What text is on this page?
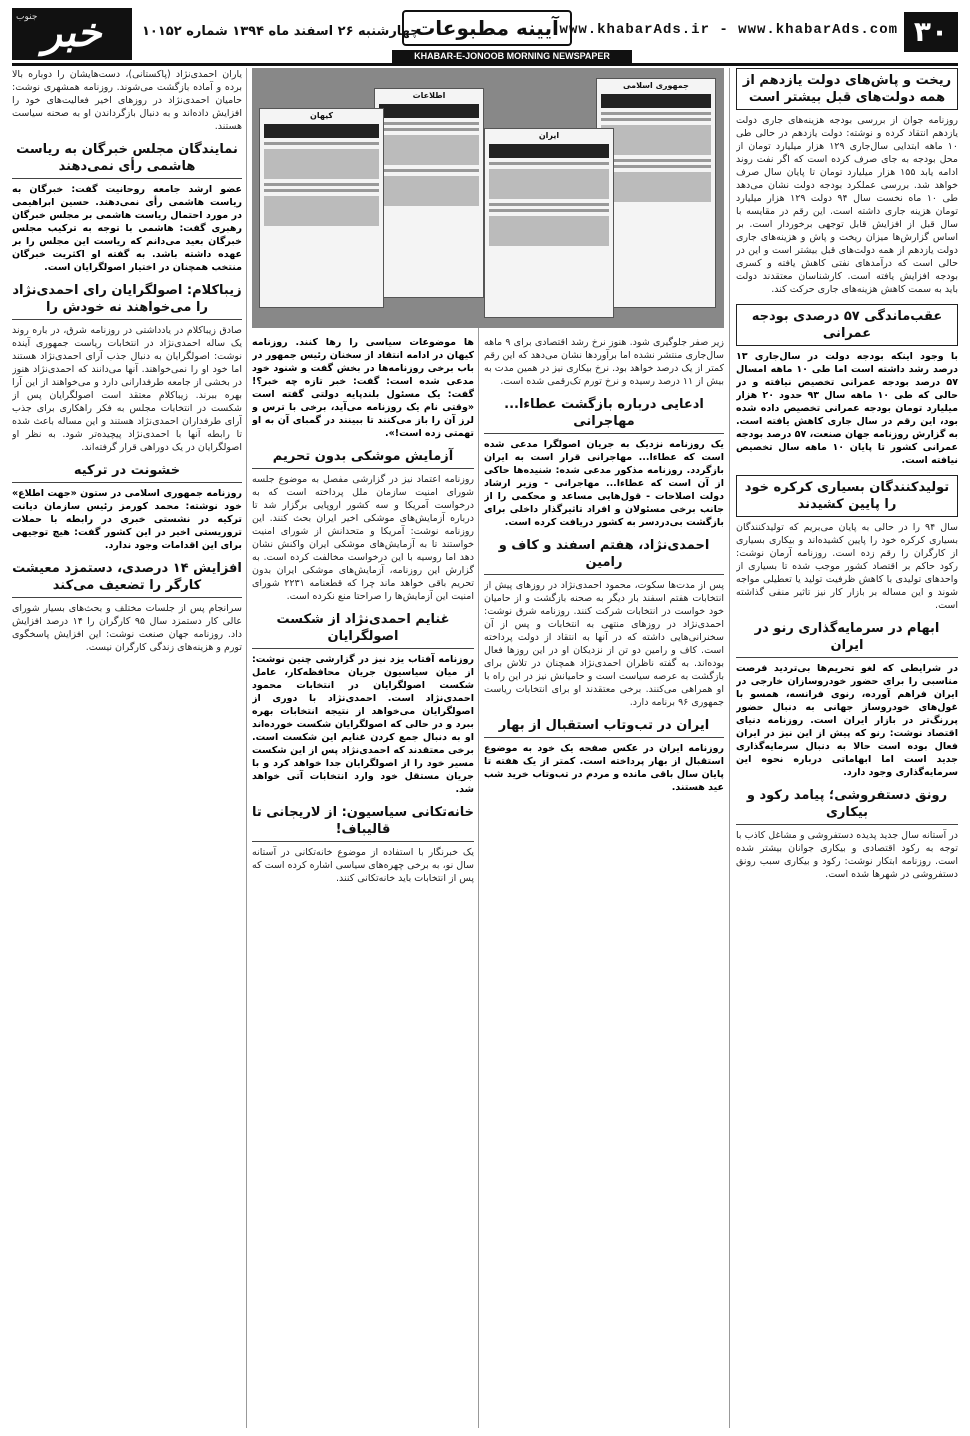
۳۰
www.khabarAds.ir - www.khabarAds.com
آیینه مطبوعات
چهارشنبه ۲۶ اسفند ماه ۱۳۹۴ شماره ۱۰۱۵۲
خبر
جنوب
KHABAR-E-JONOOB MORNING NEWSPAPER
ریخت و پاش‌های دولت یازدهم از همه دولت‌های قبل بیشتر است
روزنامه جوان از بررسی بودجه هزینه‌های جاری دولت یازدهم انتقاد کرده و نوشته: دولت یازدهم در حالی طی ۱۰ ماهه ابتدایی سال‌جاری ۱۲۹ هزار میلیارد تومان از محل بودجه به جای صرف کرده است که اگر نفت روند ادامه یابد ۱۵۵ هزار میلیارد تومان تا پایان سال صرف خواهد شد. بررسی عملکرد بودجه دولت نشان می‌دهد طی ۱۰ ماه نخست سال ۹۴ دولت ۱۲۹ هزار میلیارد تومان هزینه جاری داشته است. این رقم در مقایسه با سال قبل از افزایش قابل توجهی برخوردار است. بر اساس گزارش‌ها میزان ریخت و پاش و هزینه‌های جاری دولت یازدهم از همه دولت‌های قبل بیشتر است و این در حالی است که درآمدهای نفتی کاهش یافته و کسری بودجه افزایش یافته است. کارشناسان معتقدند دولت باید به سمت کاهش هزینه‌های جاری حرکت کند.
عقب‌ماندگی ۵۷ درصدی بودجه عمرانی
با وجود اینکه بودجه دولت در سال‌جاری ۱۳ درصد رشد داشته است اما طی ۱۰ ماهه امسال ۵۷ درصد بودجه عمرانی تخصیص نیافته و در حالی که طی ۱۰ ماهه سال ۹۳ حدود ۲۰ هزار میلیارد تومان بودجه عمرانی تخصیص داده شده بود، این رقم در سال جاری کاهش یافته است. به گزارش روزنامه جهان صنعت، ۵۷ درصد بودجه عمرانی کشور تا پایان ۱۰ ماهه سال تخصیص نیافته است.
تولیدکنندگان بسیاری کرکره خود را پایین کشیدند
سال ۹۴ را در حالی به پایان می‌بریم که تولیدکنندگان بسیاری کرکره خود را پایین کشیده‌اند و بیکاری بسیاری از کارگران را رقم زده است. روزنامه آرمان نوشت: رکود حاکم بر اقتصاد کشور موجب شده تا بسیاری از واحدهای تولیدی با کاهش ظرفیت تولید یا تعطیلی مواجه شوند و این مساله بر بازار کار نیز تاثیر منفی گذاشته است.
ابهام در سرمایه‌گذاری رنو در ایران
در شرایطی که لغو تحریم‌ها بی‌تردید فرصت مناسبی را برای حضور خودروسازان خارجی در ایران فراهم آورده، رنوی فرانسه، همسو با غول‌های خودروساز جهانی به دنبال حضور پررنگ‌تر در بازار ایران است. روزنامه دنیای اقتصاد نوشت: رنو که پیش از این نیز در ایران فعال بوده است حالا به دنبال سرمایه‌گذاری جدید است اما ابهاماتی درباره نحوه این سرمایه‌گذاری وجود دارد.
رونق دستفروشی؛ پیامد رکود و بیکاری
در آستانه سال جدید پدیده دستفروشی و مشاغل کاذب با توجه به رکود اقتصادی و بیکاری جوانان بیشتر شده است. روزنامه ابتکار نوشت: رکود و بیکاری سبب رونق دستفروشی در شهرها شده است.
جمهوری اسلامی
ایران
اطلاعات
کیهان
زیر صفر جلوگیری شود. هنوز نرخ رشد اقتصادی برای ۹ ماهه سال‌جاری منتشر نشده اما برآوردها نشان می‌دهد که این رقم کمتر از یک درصد خواهد بود. نرخ بیکاری نیز در همین مدت به بیش از ۱۱ درصد رسیده و نرخ تورم تک‌رقمی شده است.
ادعایی درباره بازگشت عطاءا... مهاجرانی
یک روزنامه نزدیک به جریان اصولگرا مدعی شده است که عطاءا... مهاجرانی قرار است به ایران بازگردد. روزنامه مذکور مدعی شده: شنیده‌ها حاکی از آن است که عطاءا... مهاجرانی - وزیر ارشاد دولت اصلاحات - قول‌هایی مساعد و محکمی را از جانب برخی مسئولان و افراد تاثیرگذار داخلی برای بازگشت بی‌دردسر به کشور دریافت کرده است.
احمدی‌نژاد، هفتم اسفند و کاف و رامین
پس از مدت‌ها سکوت، محمود احمدی‌نژاد در روزهای پیش از انتخابات هفتم اسفند بار دیگر به صحنه بازگشت و از حامیان خود خواست در انتخابات شرکت کنند. روزنامه شرق نوشت: احمدی‌نژاد در روزهای منتهی به انتخابات و پس از آن سخنرانی‌هایی داشته که در آنها به انتقاد از دولت پرداخته است. کاف و رامین دو تن از نزدیکان او در این روزها فعال بوده‌اند. به گفته ناظران احمدی‌نژاد همچنان در تلاش برای بازگشت به عرصه سیاست است و حامیانش نیز در این راه با او همراهی می‌کنند. برخی معتقدند او برای انتخابات ریاست جمهوری ۹۶ برنامه دارد.
ایران در تب‌وتاب استقبال از بهار
روزنامه ایران در عکس صفحه یک خود به موضوع استقبال از بهار پرداخته است. کمتر از یک هفته تا پایان سال باقی مانده و مردم در تب‌وتاب خرید شب عید هستند.
ها موضوعات سیاسی را رها کنند. روزنامه کیهان در ادامه انتقاد از سخنان رئیس جمهور در باب برخی روزنامه‌ها در بخش گفت و شنود خود مدعی شده است: گفت: خبر تازه چه خبر؟! گفت: یک مسئول بلندپایه دولتی گفته است «وقتی نام یک روزنامه می‌آید، برخی با ترس و لرز آن را باز می‌کنند تا ببینند در گمبای آن به او تهمتی زده است!».
آزمایش موشکی بدون تحریم
روزنامه اعتماد نیز در گزارشی مفصل به موضوع جلسه شورای امنیت سازمان ملل پرداخته است که به درخواست آمریکا و سه کشور اروپایی برگزار شد تا درباره آزمایش‌های موشکی اخیر ایران بحث کنند. این روزنامه نوشت: آمریکا و متحدانش از شورای امنیت خواستند تا به آزمایش‌های موشکی ایران واکنش نشان دهد اما روسیه با این درخواست مخالفت کرده است. به گزارش این روزنامه، آزمایش‌های موشکی ایران بدون تحریم باقی خواهد ماند چرا که قطعنامه ۲۲۳۱ شورای امنیت این آزمایش‌ها را صراحتا منع نکرده است.
غنایم احمدی‌نژاد از شکست اصولگرایان
روزنامه آفتاب یزد نیز در گزارشی چنین نوشت: از میان سیاسیون جریان محافظه‌کار، عامل شکست اصولگرایان در انتخابات محمود احمدی‌نژاد است. احمدی‌نژاد با دوری از اصولگرایان می‌خواهد از نتیجه انتخابات بهره ببرد و در حالی که اصولگرایان شکست خورده‌اند او به دنبال جمع کردن غنایم این شکست است. برخی معتقدند که احمدی‌نژاد پس از این شکست مسیر خود را از اصولگرایان جدا خواهد کرد و با جریان مستقل خود وارد انتخابات آتی خواهد شد.
خانه‌تکانی سیاسیون: از لاریجانی تا قالیباف!
یک خبرنگار با استفاده از موضوع خانه‌تکانی در آستانه سال نو، به برخی چهره‌های سیاسی اشاره کرده است که پس از انتخابات باید خانه‌تکانی کنند.
یاران احمدی‌نژاد (پاکستانی)، دست‌هایشان را دوباره بالا برده و آماده بازگشت می‌شوند. روزنامه همشهری نوشت: حامیان احمدی‌نژاد در روزهای اخیر فعالیت‌های خود را افزایش داده‌اند و به دنبال بازگرداندن او به صحنه سیاست هستند.
نمایندگان مجلس خبرگان به ریاست هاشمی رأی نمی‌دهند
عضو ارشد جامعه روحانیت گفت: خبرگان به ریاست هاشمی رأی نمی‌دهند. حسین ابراهیمی در مورد احتمال ریاست هاشمی بر مجلس خبرگان رهبری گفت: هاشمی با توجه به ترکیب مجلس خبرگان بعید می‌دانم که ریاست این مجلس را بر عهده داشته باشد. به گفته او اکثریت خبرگان منتخب همچنان در اختیار اصولگرایان است.
زیباکلام: اصولگرایان رای احمدی‌نژاد را می‌خواهند نه خودش را
صادق زیباکلام در یادداشتی در روزنامه شرق، در باره روند یک ساله احمدی‌نژاد در انتخابات ریاست جمهوری آینده نوشت: اصولگرایان به دنبال جذب آرای احمدی‌نژاد هستند اما خود او را نمی‌خواهند. آنها می‌دانند که احمدی‌نژاد هنوز در بخشی از جامعه طرفدارانی دارد و می‌خواهند از این آرا بهره ببرند. زیباکلام معتقد است اصولگرایان پس از شکست در انتخابات مجلس به فکر راهکاری برای جذب آرای طرفداران احمدی‌نژاد هستند و این مساله باعث شده تا رابطه آنها با احمدی‌نژاد پیچیده‌تر شود. به نظر او اصولگرایان در یک دوراهی قرار گرفته‌اند.
خشونت در ترکیه
روزنامه جمهوری اسلامی در ستون «جهت اطلاع» خود نوشته: محمد کورمز رئیس سازمان دیانت ترکیه در نشستی خبری در رابطه با حملات تروریستی اخیر در این کشور گفت: هیچ توجیهی برای این اقدامات وجود ندارد.
افزایش ۱۴ درصدی، دستمزد معیشت کارگر را تضعیف می‌کند
سرانجام پس از جلسات مختلف و بحث‌های بسیار شورای عالی کار دستمزد سال ۹۵ کارگران را ۱۴ درصد افزایش داد. روزنامه جهان صنعت نوشت: این افزایش پاسخگوی تورم و هزینه‌های زندگی کارگران نیست.
